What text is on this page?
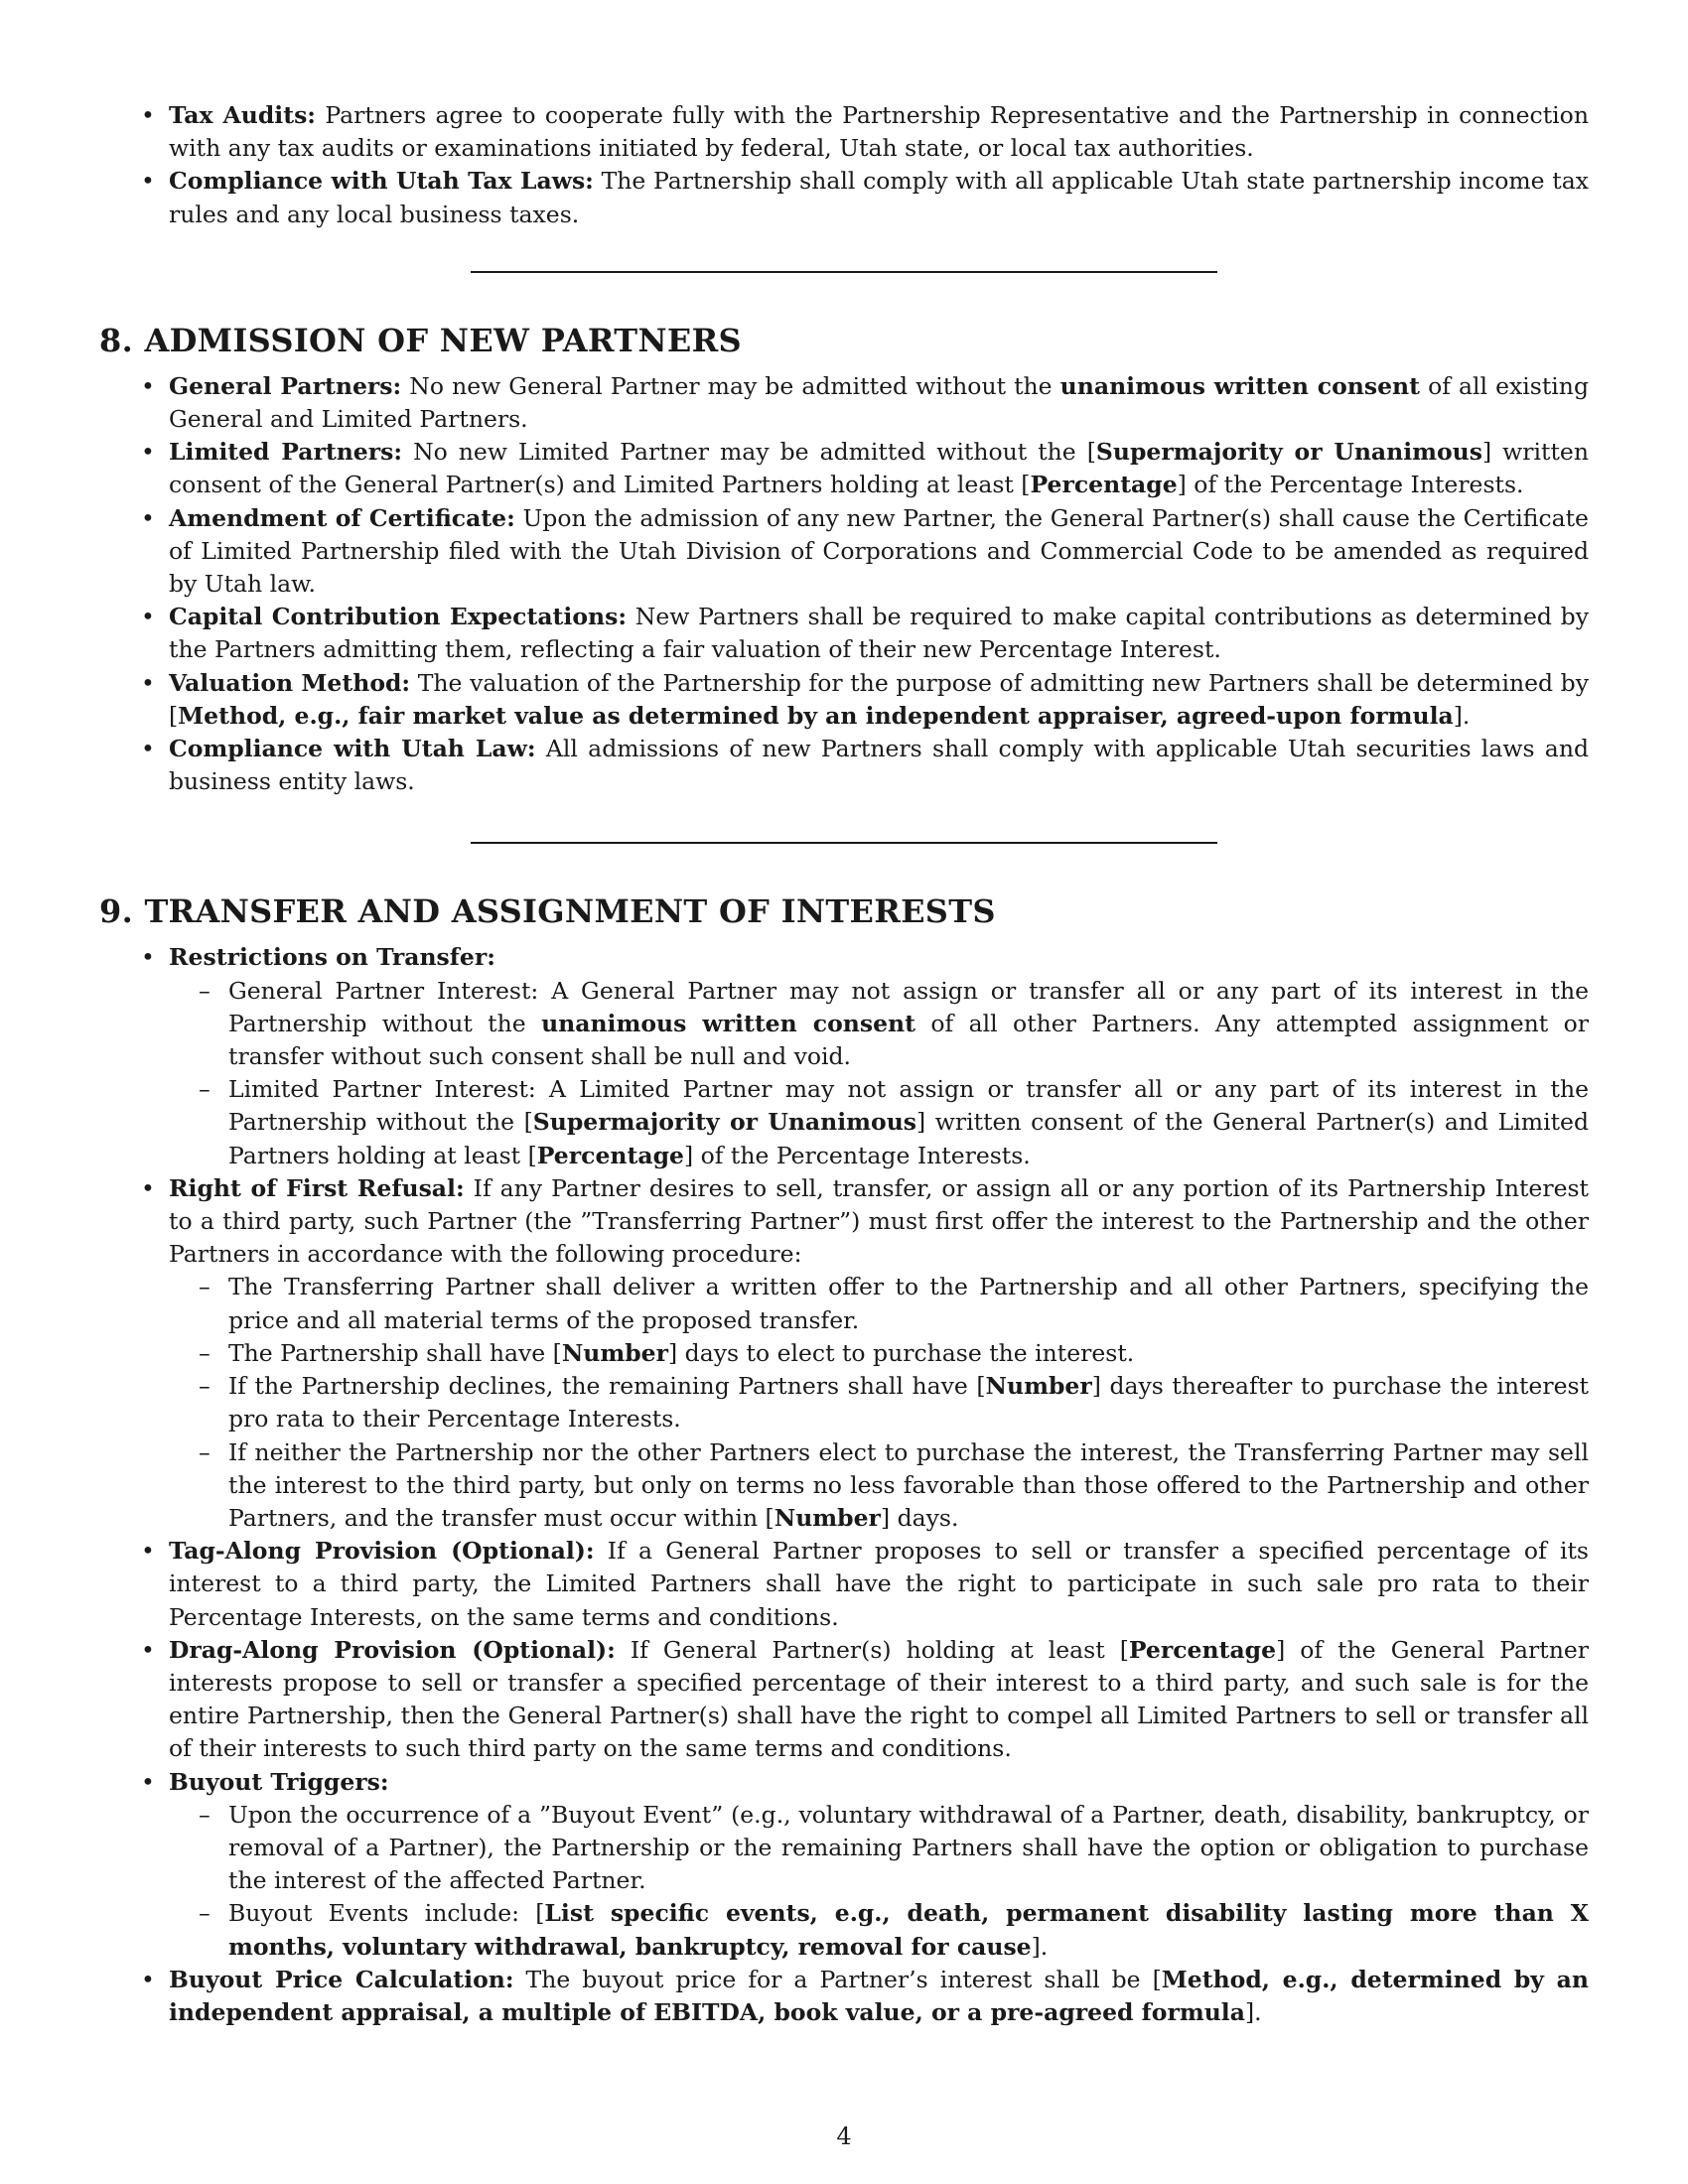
• Tax Audits: Partners agree to cooperate fully with the Partnership Representative and the Partnership in connection with any tax audits or examinations initiated by federal, Utah state, or local tax authorities.
• Compliance with Utah Tax Laws: The Partnership shall comply with all applicable Utah state partnership income tax rules and any local business taxes.
8. ADMISSION OF NEW PARTNERS
• General Partners: No new General Partner may be admitted without the unanimous written consent of all existing General and Limited Partners.
• Limited Partners: No new Limited Partner may be admitted without the [Supermajority or Unanimous] written consent of the General Partner(s) and Limited Partners holding at least [Percentage] of the Percentage Interests.
• Amendment of Certificate: Upon the admission of any new Partner, the General Partner(s) shall cause the Certificate of Limited Partnership filed with the Utah Division of Corporations and Commercial Code to be amended as required by Utah law.
• Capital Contribution Expectations: New Partners shall be required to make capital contributions as determined by the Partners admitting them, reflecting a fair valuation of their new Percentage Interest.
• Valuation Method: The valuation of the Partnership for the purpose of admitting new Partners shall be determined by [Method, e.g., fair market value as determined by an independent appraiser, agreed-upon formula].
• Compliance with Utah Law: All admissions of new Partners shall comply with applicable Utah securities laws and business entity laws.
9. TRANSFER AND ASSIGNMENT OF INTERESTS
• Restrictions on Transfer:
– General Partner Interest: A General Partner may not assign or transfer all or any part of its interest in the Partnership without the unanimous written consent of all other Partners. Any attempted assignment or transfer without such consent shall be null and void.
– Limited Partner Interest: A Limited Partner may not assign or transfer all or any part of its interest in the Partnership without the [Supermajority or Unanimous] written consent of the General Partner(s) and Limited Partners holding at least [Percentage] of the Percentage Interests.
• Right of First Refusal: If any Partner desires to sell, transfer, or assign all or any portion of its Partnership Interest to a third party, such Partner (the ”Transferring Partner”) must first offer the interest to the Partnership and the other Partners in accordance with the following procedure:
– The Transferring Partner shall deliver a written offer to the Partnership and all other Partners, specifying the price and all material terms of the proposed transfer.
– The Partnership shall have [Number] days to elect to purchase the interest.
– If the Partnership declines, the remaining Partners shall have [Number] days thereafter to purchase the interest pro rata to their Percentage Interests.
– If neither the Partnership nor the other Partners elect to purchase the interest, the Transferring Partner may sell the interest to the third party, but only on terms no less favorable than those offered to the Partnership and other Partners, and the transfer must occur within [Number] days.
• Tag-Along Provision (Optional): If a General Partner proposes to sell or transfer a specified percentage of its interest to a third party, the Limited Partners shall have the right to participate in such sale pro rata to their Percentage Interests, on the same terms and conditions.
• Drag-Along Provision (Optional): If General Partner(s) holding at least [Percentage] of the General Partner interests propose to sell or transfer a specified percentage of their interest to a third party, and such sale is for the entire Partnership, then the General Partner(s) shall have the right to compel all Limited Partners to sell or transfer all of their interests to such third party on the same terms and conditions.
• Buyout Triggers:
– Upon the occurrence of a ”Buyout Event” (e.g., voluntary withdrawal of a Partner, death, disability, bankruptcy, or removal of a Partner), the Partnership or the remaining Partners shall have the option or obligation to purchase the interest of the affected Partner.
– Buyout Events include: [List specific events, e.g., death, permanent disability lasting more than X months, voluntary withdrawal, bankruptcy, removal for cause].
• Buyout Price Calculation: The buyout price for a Partner’s interest shall be [Method, e.g., determined by an independent appraisal, a multiple of EBITDA, book value, or a pre-agreed formula].
4
